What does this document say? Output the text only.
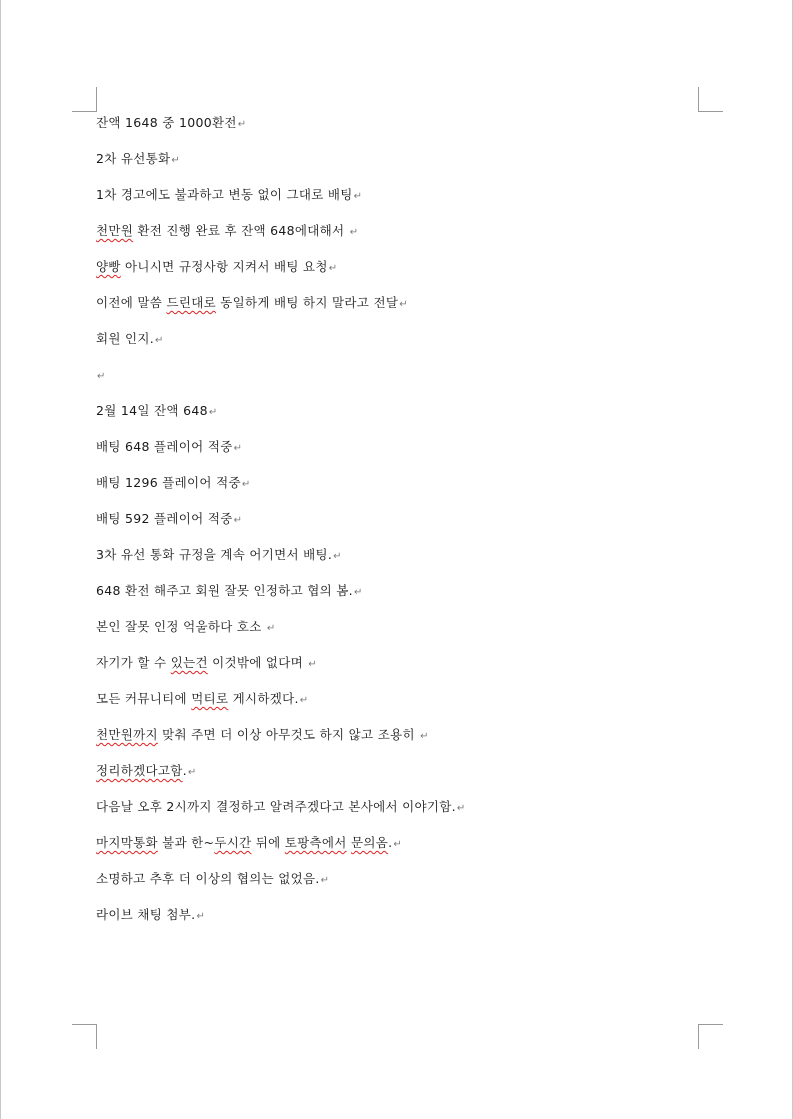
잔액 1648 중 1000환전↵
2차 유선통화↵
1차 경고에도 불과하고 변동 없이 그대로 배팅↵
천만원 환전 진행 완료 후 잔액 648에대해서 ↵
양빵 아니시면 규정사항 지켜서 배팅 요청↵
이전에 말씀 드린대로 동일하게 배팅 하지 말라고 전달↵
회원 인지.↵
↵
2월 14일 잔액 648↵
배팅 648 플레이어 적중↵
배팅 1296 플레이어 적중↵
배팅 592 플레이어 적중↵
3차 유선 통화 규정을 계속 어기면서 배팅.↵
648 환전 해주고 회원 잘못 인정하고 협의 봄.↵
본인 잘못 인정 억울하다 호소 ↵
자기가 할 수 있는건 이것밖에 없다며 ↵
모든 커뮤니티에 먹티로 게시하겠다.↵
천만원까지 맞춰 주면 더 이상 아무것도 하지 않고 조용히 ↵
정리하겠다고함.↵
다음날 오후 2시까지 결정하고 알려주겠다고 본사에서 이야기함.↵
마지막통화 불과 한~두시간 뒤에 토팡측에서 문의옴.↵
소명하고 추후 더 이상의 협의는 없었음.↵
라이브 채팅 첨부.↵
